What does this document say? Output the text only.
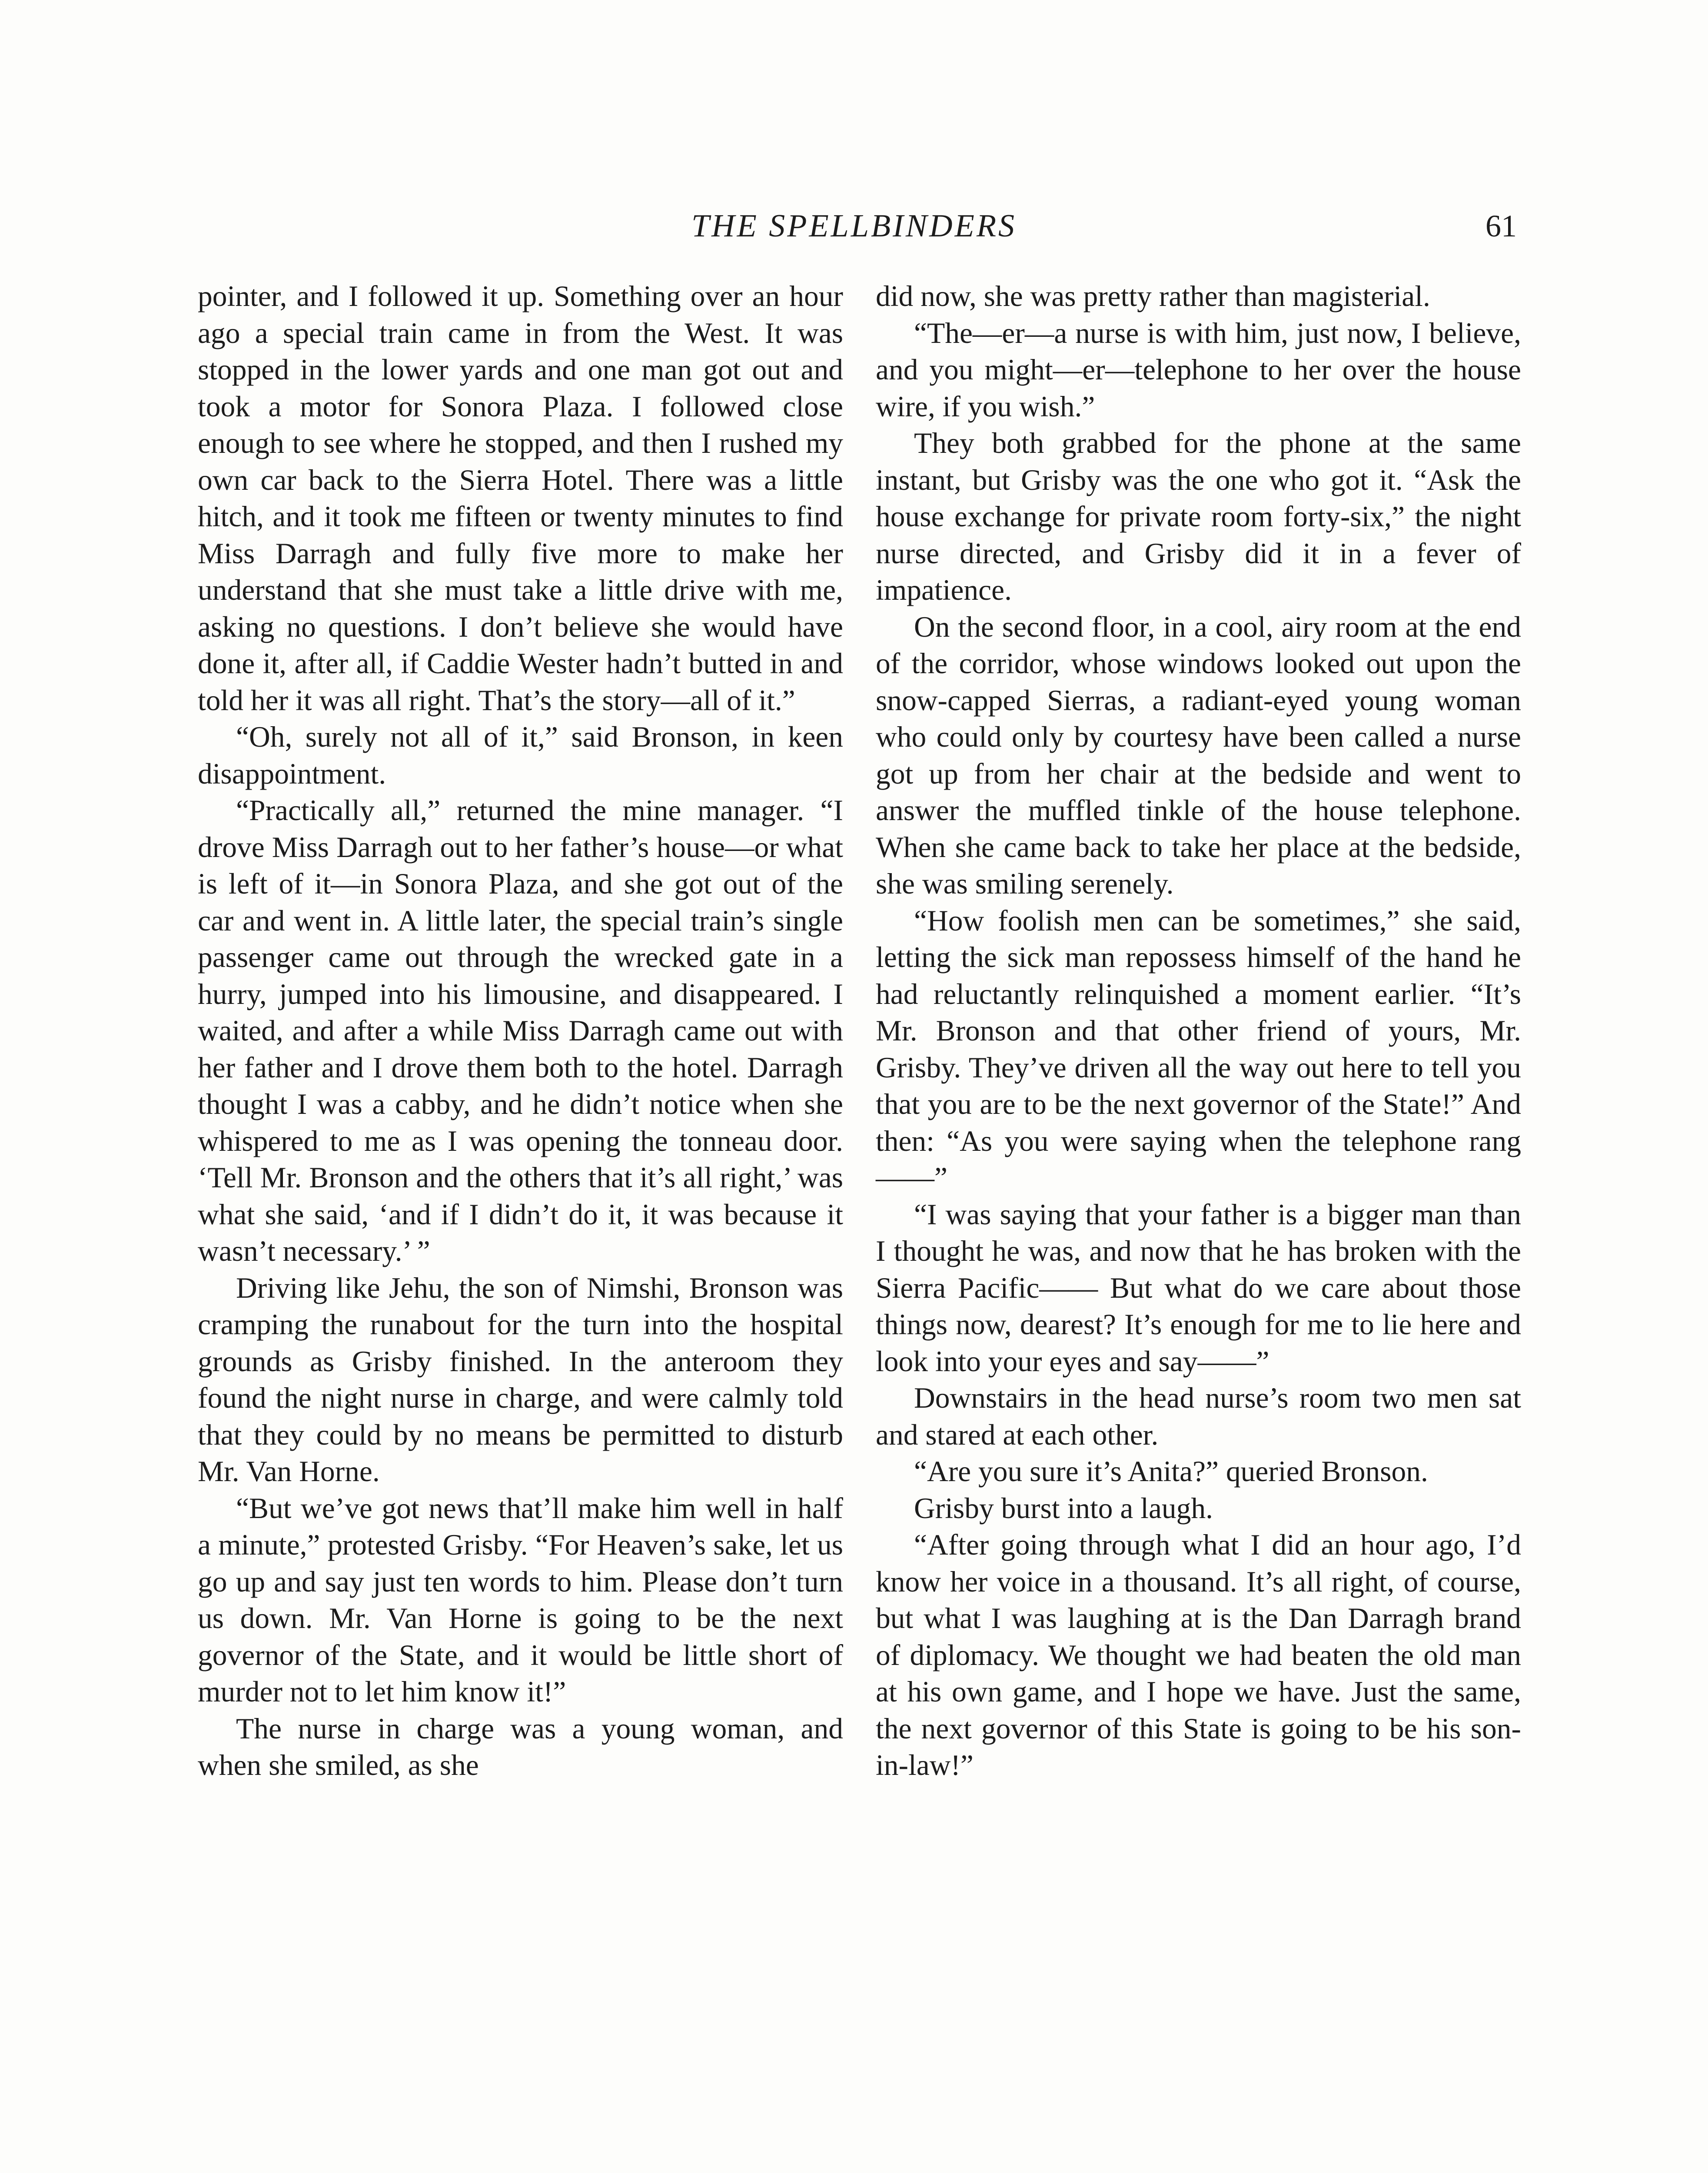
THE SPELLBINDERS	61

pointer, and I followed it up. Something over an hour ago a special train came in from the West. It was stopped in the lower yards and one man got out and took a motor for Sonora Plaza. I followed close enough to see where he stopped, and then I rushed my own car back to the Sierra Hotel. There was a little hitch, and it took me fifteen or twenty minutes to find Miss Darragh and fully five more to make her understand that she must take a little drive with me, asking no questions. I don’t believe she would have done it, after all, if Caddie Wester hadn’t butted in and told her it was all right. That’s the story—all of it.”

“Oh, surely not all of it,” said Bronson, in keen disappointment.

“Practically all,” returned the mine manager. “I drove Miss Darragh out to her father’s house—or what is left of it—in Sonora Plaza, and she got out of the car and went in. A little later, the special train’s single passenger came out through the wrecked gate in a hurry, jumped into his limousine, and disappeared. I waited, and after a while Miss Darragh came out with her father and I drove them both to the hotel. Darragh thought I was a cabby, and he didn’t notice when she whispered to me as I was opening the tonneau door. ‘Tell Mr. Bronson and the others that it’s all right,’ was what she said, ‘and if I didn’t do it, it was because it wasn’t necessary.’ ”

Driving like Jehu, the son of Nimshi, Bronson was cramping the runabout for the turn into the hospital grounds as Grisby finished. In the anteroom they found the night nurse in charge, and were calmly told that they could by no means be permitted to disturb Mr. Van Horne.

“But we’ve got news that’ll make him well in half a minute,” protested Grisby. “For Heaven’s sake, let us go up and say just ten words to him. Please don’t turn us down. Mr. Van Horne is going to be the next governor of the State, and it would be little short of murder not to let him know it!”

The nurse in charge was a young woman, and when she smiled, as she

did now, she was pretty rather than magisterial.

“The—er—a nurse is with him, just now, I believe, and you might—er—telephone to her over the house wire, if you wish.”

They both grabbed for the phone at the same instant, but Grisby was the one who got it. “Ask the house exchange for private room forty-six,” the night nurse directed, and Grisby did it in a fever of impatience.

On the second floor, in a cool, airy room at the end of the corridor, whose windows looked out upon the snow-capped Sierras, a radiant-eyed young woman who could only by courtesy have been called a nurse got up from her chair at the bedside and went to answer the muffled tinkle of the house telephone. When she came back to take her place at the bedside, she was smiling serenely.

“How foolish men can be sometimes,” she said, letting the sick man repossess himself of the hand he had reluctantly relinquished a moment earlier. “It’s Mr. Bronson and that other friend of yours, Mr. Grisby. They’ve driven all the way out here to tell you that you are to be the next governor of the State!” And then: “As you were saying when the telephone rang——”

“I was saying that your father is a bigger man than I thought he was, and now that he has broken with the Sierra Pacific—— But what do we care about those things now, dearest? It’s enough for me to lie here and look into your eyes and say——”

Downstairs in the head nurse’s room two men sat and stared at each other.

“Are you sure it’s Anita?” queried Bronson.

Grisby burst into a laugh.

“After going through what I did an hour ago, I’d know her voice in a thousand. It’s all right, of course, but what I was laughing at is the Dan Darragh brand of diplomacy. We thought we had beaten the old man at his own game, and I hope we have. Just the same, the next governor of this State is going to be his son-in-law!”
